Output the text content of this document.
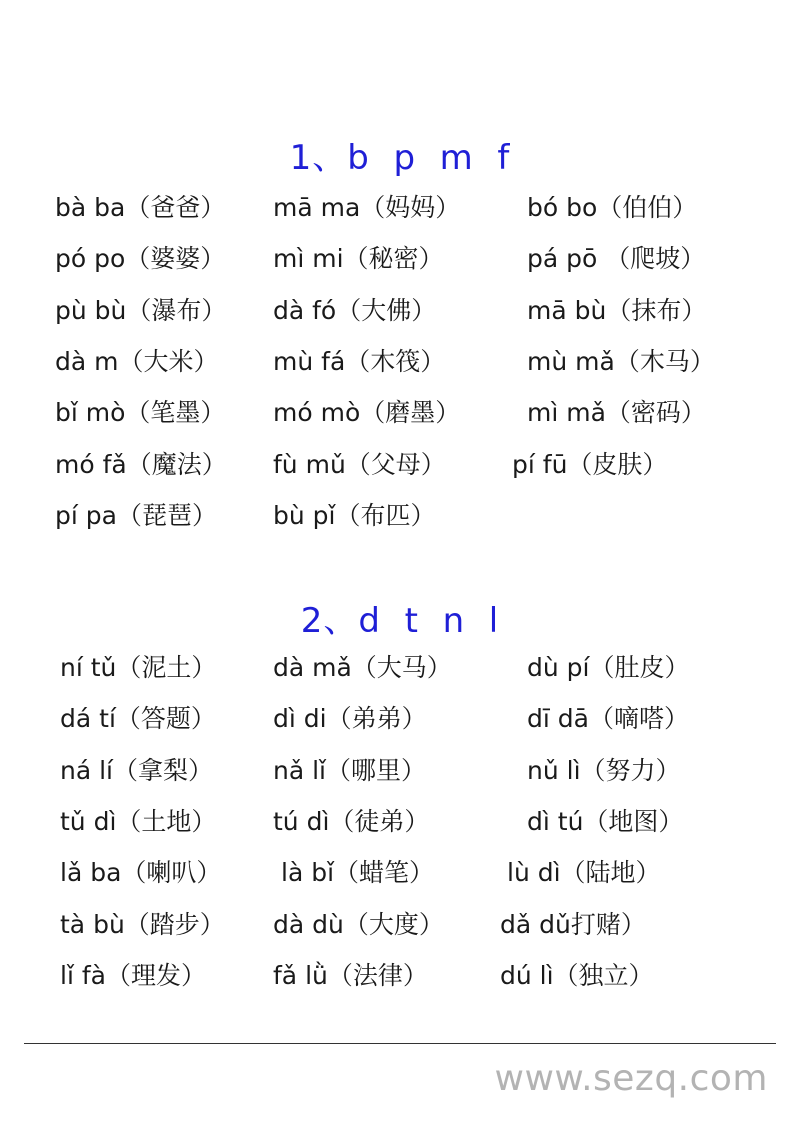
1、b  p  m  f
bà ba（爸爸） mā ma（妈妈）	bó bo（伯伯）
pó po（婆婆） mì mi（秘密）	pá pō （爬坡）
pù bù（瀑布） dà fó（大佛）	mā bù（抹布）
dà m（大米） mù fá（木筏）	mù mǎ（木马）
bǐ mò（笔墨） mó mò（磨墨）	mì mǎ（密码）
mó fǎ（魔法） fù mǔ（父母）	pí fū（皮肤）
pí pa（琵琶） bù pǐ（布匹）
2、d  t  n  l
ní tǔ（泥土） dà mǎ（大马）	dù pí（肚皮）
dá tí（答题） dì di（弟弟）	dī dā（嘀嗒）
ná lí（拿梨） nǎ lǐ（哪里）	nǔ lì（努力）
tǔ dì（土地） tú dì（徒弟）	dì tú（地图）
lǎ ba（喇叭） là bǐ（蜡笔）	lù dì（陆地）
tà bù（踏步） dà dù（大度） dǎ dǔ打赌）
lǐ fà（理发）	fǎ lǜ（法律）	dú lì（独立）
www.sezq.com
